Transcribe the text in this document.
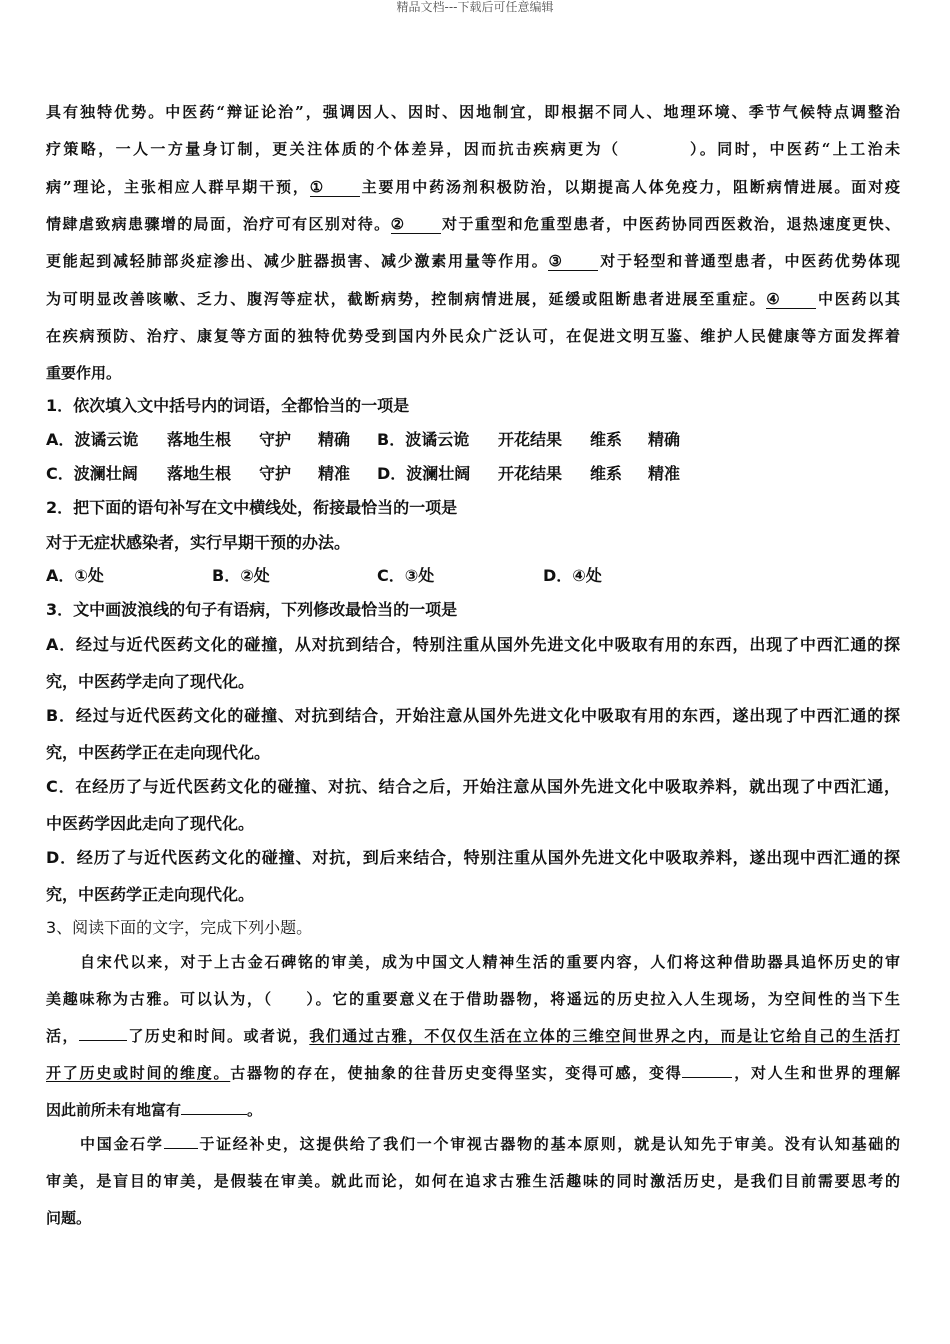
精品文档---下载后可任意编辑
具有独特优势。中医药“辩证论治”，强调因人、因时、因地制宜，即根据不同人、地理环境、季节气候特点调整治
疗策略，一人一方量身订制，更关注体质的个体差异，因而抗击疾病更为（　　　　）。同时，中医药“上工治未
病”理论，主张相应人群早期干预，① 主要用中药汤剂积极防治，以期提高人体免疫力，阻断病情进展。面对疫
情肆虐致病患骤增的局面，治疗可有区别对待。② 对于重型和危重型患者，中医药协同西医救治，退热速度更快、
更能起到减轻肺部炎症渗出、减少脏器损害、减少激素用量等作用。③ 对于轻型和普通型患者，中医药优势体现
为可明显改善咳嗽、乏力、腹泻等症状，截断病势，控制病情进展，延缓或阻断患者进展至重症。④ 中医药以其
在疾病预防、治疗、康复等方面的独特优势受到国内外民众广泛认可，在促进文明互鉴、维护人民健康等方面发挥着
重要作用。
1．依次填入文中括号内的词语，全都恰当的一项是
A．波谲云诡 落地生根 守护 精确 B．波谲云诡 开花结果 维系 精确
C．波澜壮阔 落地生根 守护 精准 D．波澜壮阔 开花结果 维系 精准
2．把下面的语句补写在文中横线处，衔接最恰当的一项是
对于无症状感染者，实行早期干预的办法。
A．①处	B．②处	C．③处	D．④处
3．文中画波浪线的句子有语病，下列修改最恰当的一项是
A．经过与近代医药文化的碰撞，从对抗到结合，特别注重从国外先进文化中吸取有用的东西，出现了中西汇通的探
究，中医药学走向了现代化。
B．经过与近代医药文化的碰撞、对抗到结合，开始注意从国外先进文化中吸取有用的东西，遂出现了中西汇通的探
究，中医药学正在走向现代化。
C．在经历了与近代医药文化的碰撞、对抗、结合之后，开始注意从国外先进文化中吸取养料，就出现了中西汇通，
中医药学因此走向了现代化。
D．经历了与近代医药文化的碰撞、对抗，到后来结合，特别注重从国外先进文化中吸取养料，遂出现中西汇通的探
究，中医药学正走向现代化。
3、阅读下面的文字，完成下列小题。
自宋代以来，对于上古金石碑铭的审美，成为中国文人精神生活的重要内容，人们将这种借助器具追怀历史的审
美趣味称为古雅。可以认为，（　　）。它的重要意义在于借助器物，将遥远的历史拉入人生现场，为空间性的当下生
活，	了历史和时间。或者说，我们通过古雅，不仅仅生活在立体的三维空间世界之内，而是让它给自己的生活打
开了历史或时间的维度。古器物的存在，使抽象的往昔历史变得坚实，变得可感，变得	，对人生和世界的理解
因此前所未有地富有	。
中国金石学 于证经补史，这提供给了我们一个审视古器物的基本原则，就是认知先于审美。没有认知基础的
审美，是盲目的审美，是假装在审美。就此而论，如何在追求古雅生活趣味的同时激活历史，是我们目前需要思考的
问题。
